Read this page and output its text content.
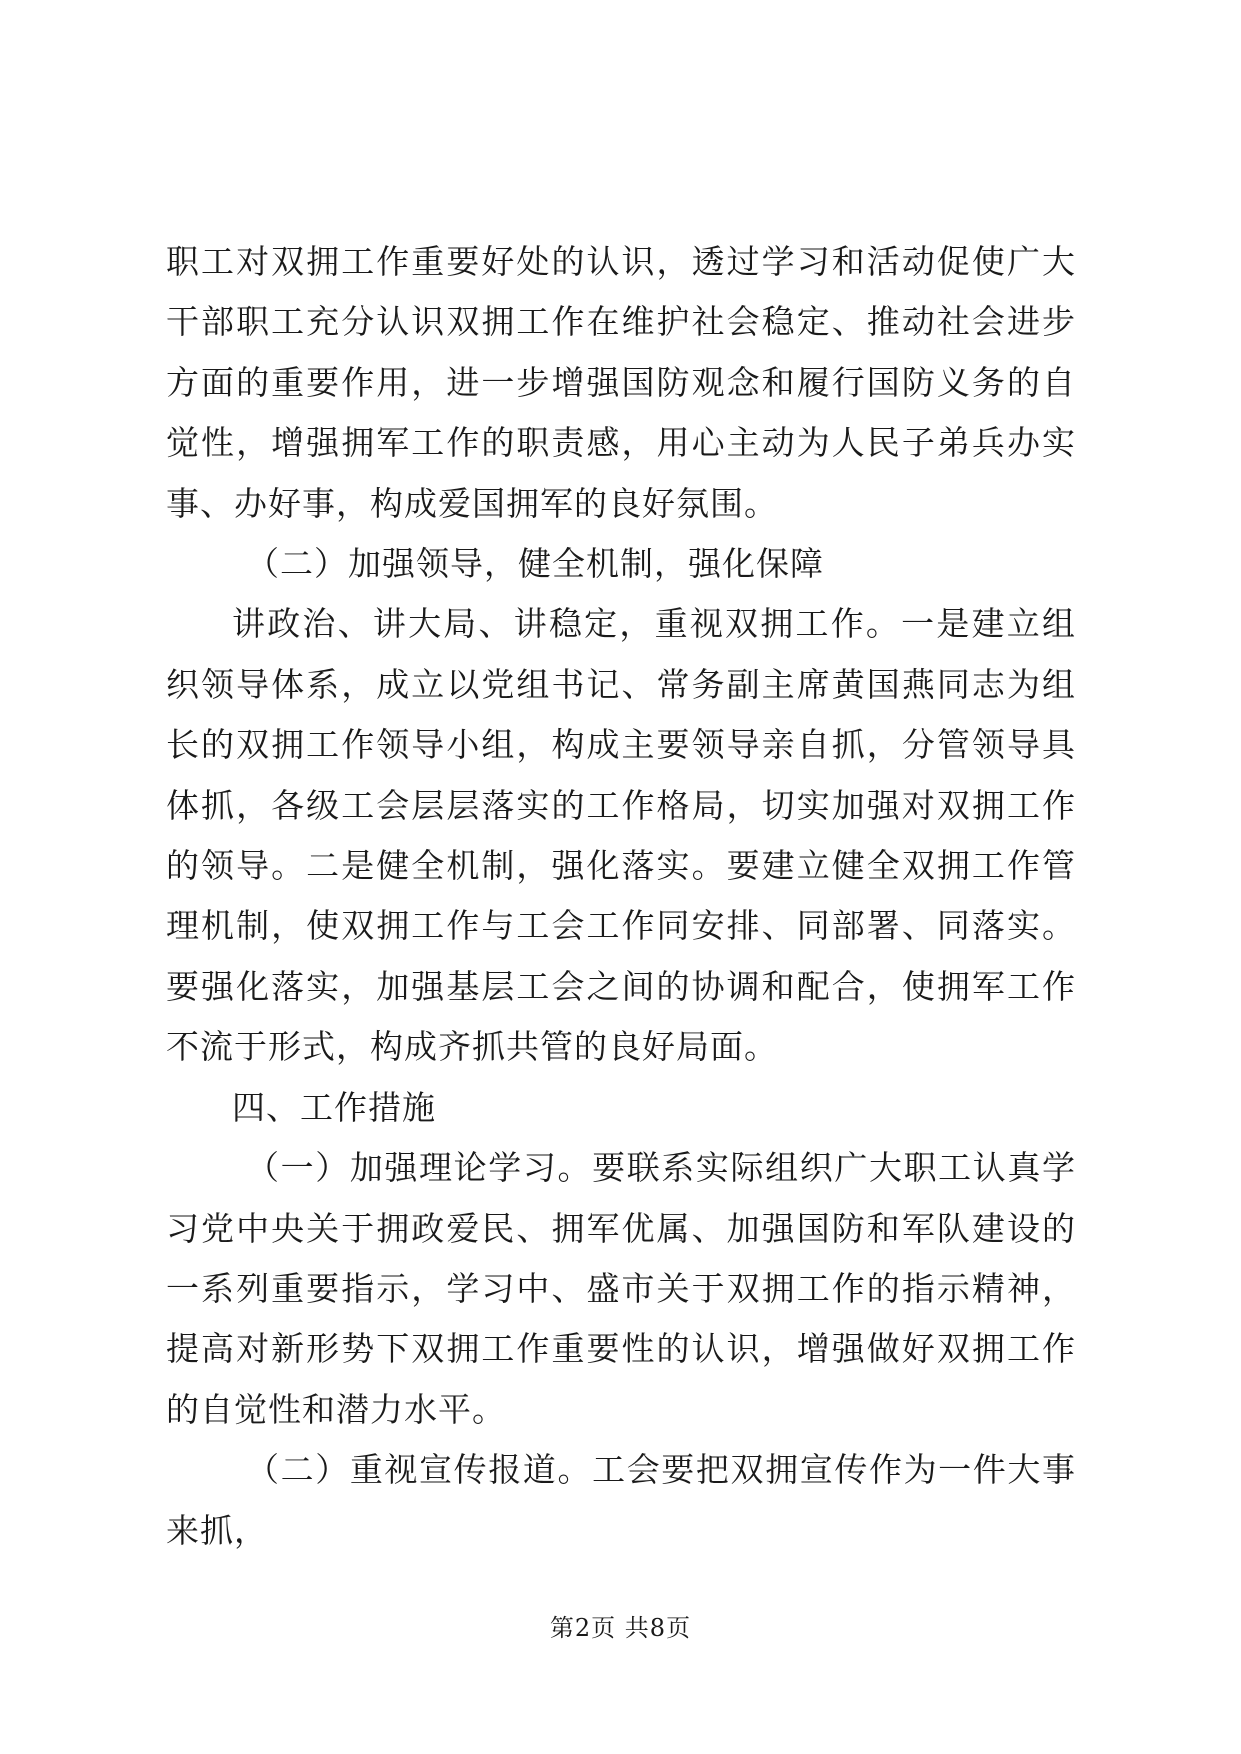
职工对双拥工作重要好处的认识，透过学习和活动促使广大干部职工充分认识双拥工作在维护社会稳定、推动社会进步方面的重要作用，进一步增强国防观念和履行国防义务的自觉性，增强拥军工作的职责感，用心主动为人民子弟兵办实事、办好事，构成爱国拥军的良好氛围。

（二）加强领导，健全机制，强化保障

讲政治、讲大局、讲稳定，重视双拥工作。一是建立组织领导体系，成立以党组书记、常务副主席黄国燕同志为组长的双拥工作领导小组，构成主要领导亲自抓，分管领导具体抓，各级工会层层落实的工作格局，切实加强对双拥工作的领导。二是健全机制，强化落实。要建立健全双拥工作管理机制，使双拥工作与工会工作同安排、同部署、同落实。要强化落实，加强基层工会之间的协调和配合，使拥军工作不流于形式，构成齐抓共管的良好局面。

四、工作措施

（一）加强理论学习。要联系实际组织广大职工认真学习党中央关于拥政爱民、拥军优属、加强国防和军队建设的一系列重要指示，学习中、盛市关于双拥工作的指示精神，提高对新形势下双拥工作重要性的认识，增强做好双拥工作的自觉性和潜力水平。

（二）重视宣传报道。工会要把双拥宣传作为一件大事来抓，

第2页 共8页
